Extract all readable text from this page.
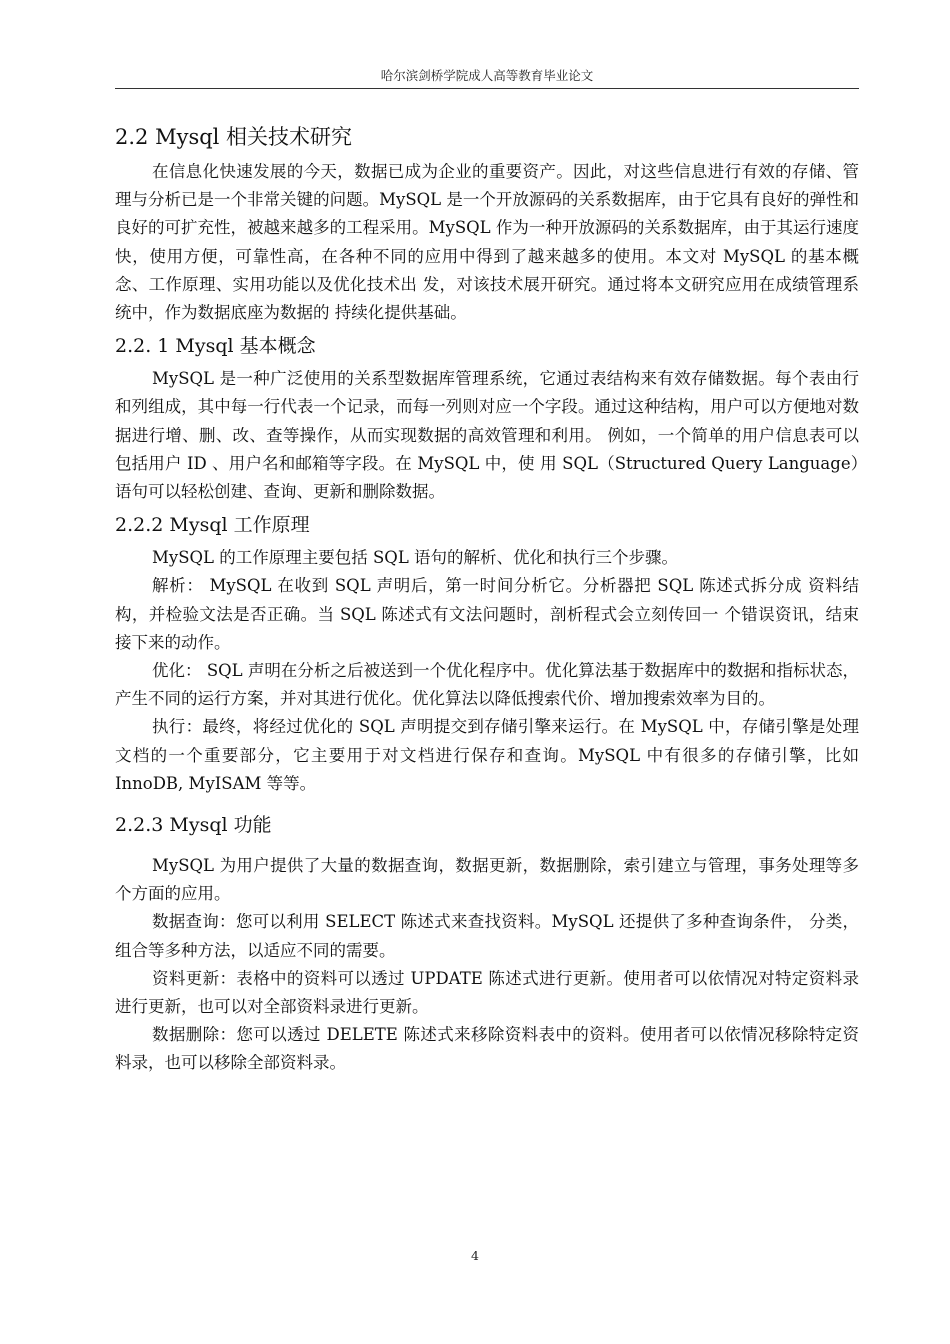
哈尔滨剑桥学院成人高等教育毕业论文
2.2 Mysql 相关技术研究

在信息化快速发展的今天，数据已成为企业的重要资产。因此，对这些信息进行有效的存储、管理与分析已是一个非常关键的问题。MySQL 是一个开放源码的关系数据库，由于它具有良好的弹性和良好的可扩充性，被越来越多的工程采用。MySQL 作为一种开放源码的关系数据库，由于其运行速度快，使用方便，可靠性高，在各种不同的应用中得到了越来越多的使用。本文对 MySQL 的基本概念、工作原理、实用功能以及优化技术出 发，对该技术展开研究。通过将本文研究应用在成绩管理系统中，作为数据底座为数据的 持续化提供基础。

2.2. 1 Mysql 基本概念

MySQL 是一种广泛使用的关系型数据库管理系统，它通过表结构来有效存储数据。每个表由行和列组成，其中每一行代表一个记录，而每一列则对应一个字段。通过这种结构，用户可以方便地对数据进行增、删、改、查等操作，从而实现数据的高效管理和利用。 例如，一个简单的用户信息表可以包括用户 ID 、用户名和邮箱等字段。在 MySQL 中，使 用 SQL（Structured Query Language）语句可以轻松创建、查询、更新和删除数据。

2.2.2 Mysql 工作原理

MySQL 的工作原理主要包括 SQL 语句的解析、优化和执行三个步骤。

解析： MySQL 在收到 SQL 声明后，第一时间分析它。分析器把 SQL 陈述式拆分成 资料结构，并检验文法是否正确。当 SQL 陈述式有文法问题时，剖析程式会立刻传回一 个错误资讯，结束接下来的动作。

优化： SQL 声明在分析之后被送到一个优化程序中。优化算法基于数据库中的数据和指标状态，产生不同的运行方案，并对其进行优化。优化算法以降低搜索代价、增加搜索效率为目的。

执行：最终，将经过优化的 SQL 声明提交到存储引擎来运行。在 MySQL 中，存储引擎是处理文档的一个重要部分，它主要用于对文档进行保存和查询。MySQL 中有很多的存储引擎，比如 InnoDB, MyISAM 等等。

2.2.3 Mysql 功能

MySQL 为用户提供了大量的数据查询，数据更新，数据删除，索引建立与管理，事务处理等多个方面的应用。

数据查询：您可以利用 SELECT 陈述式来查找资料。MySQL 还提供了多种查询条件， 分类，组合等多种方法，以适应不同的需要。

资料更新：表格中的资料可以透过 UPDATE 陈述式进行更新。使用者可以依情况对特定资料录进行更新，也可以对全部资料录进行更新。

数据删除：您可以透过 DELETE 陈述式来移除资料表中的资料。使用者可以依情况移除特定资料录，也可以移除全部资料录。

4
